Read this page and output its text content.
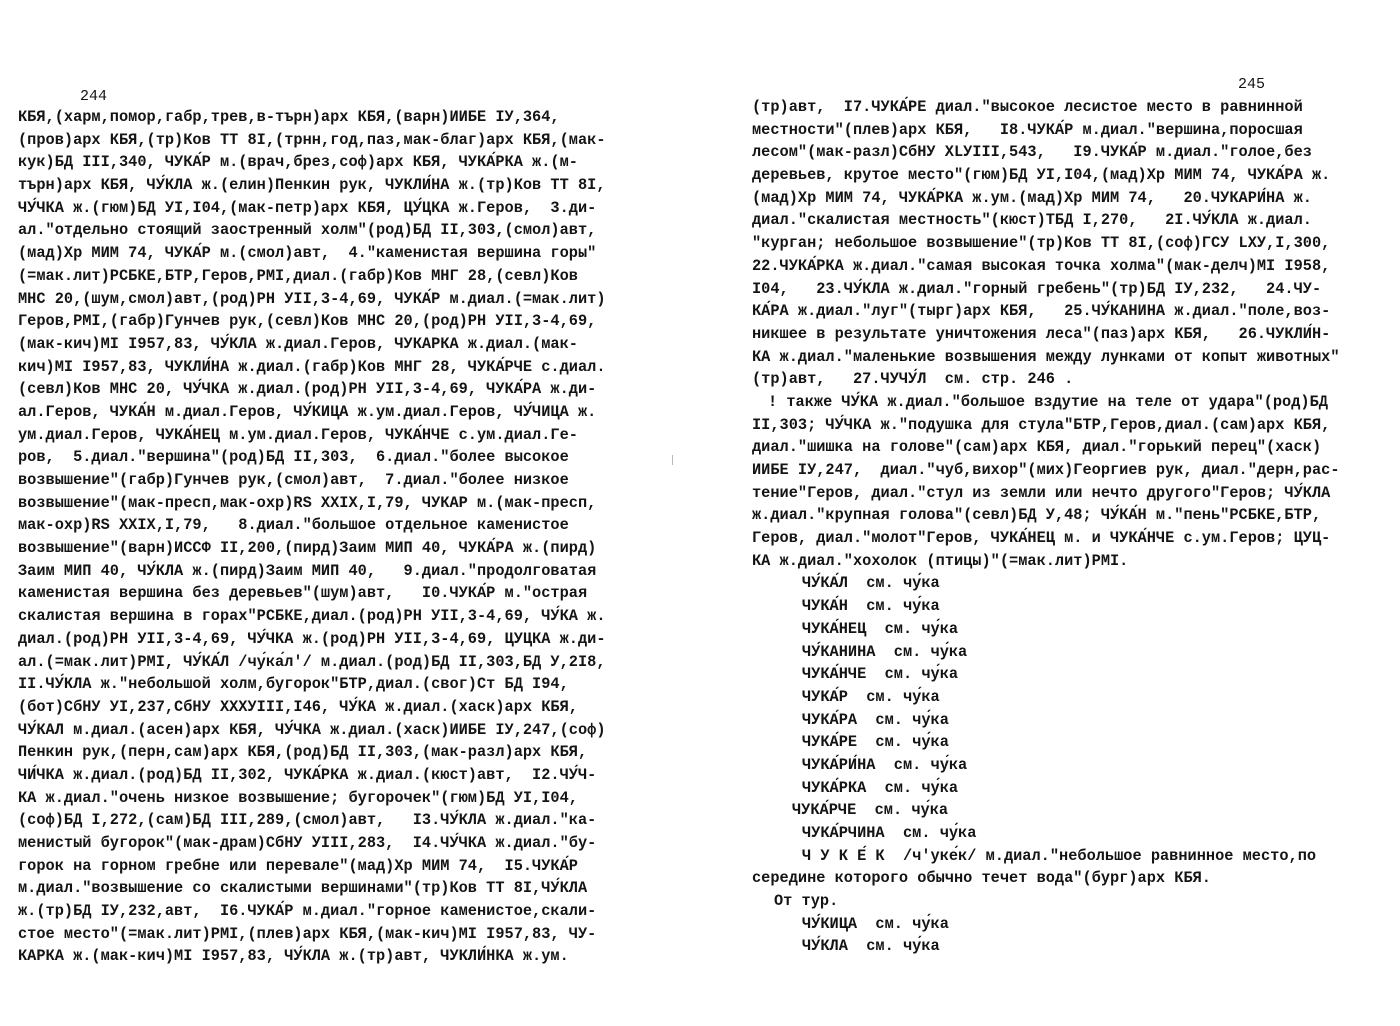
244
245
КБЯ,(харм,помор,габр,трев,в-търн)арх КБЯ,(варн)ИИБЕ IУ,364,
(пров)арх КБЯ,(тр)Ков ТТ 8I,(трнн,год,паз,мак-благ)арх КБЯ,(мак-
кук)БД III,340, ЧУКА́Р м.(врач,брез,соф)арх КБЯ, ЧУКА́РКА ж.(м-
търн)арх КБЯ, ЧУ́КЛА ж.(елин)Пенкин рук, ЧУКЛИ́НА ж.(тр)Ков ТТ 8I,
ЧУ́ЧКА ж.(гюм)БД УI,I04,(мак-петр)арх КБЯ, ЦУ́ЦКА ж.Геров,  3.ди-
ал."отдельно стоящий заостренный холм"(род)БД II,303,(смол)авт,
(мад)Хр МИМ 74, ЧУКА́Р м.(смол)авт,  4."каменистая вершина горы"
(=мак.лит)РСБКЕ,БТР,Геров,РМI,диал.(габр)Ков МНГ 28,(севл)Ков
МНС 20,(шум,смол)авт,(род)РН УII,3-4,69, ЧУКА́Р м.диал.(=мак.лит)
Геров,РМI,(габр)Гунчев рук,(севл)Ков МНС 20,(род)РН УII,3-4,69,
(мак-кич)МI I957,83, ЧУ́КЛА ж.диал.Геров, ЧУКАРКА ж.диал.(мак-
кич)МI I957,83, ЧУКЛИ́НА ж.диал.(габр)Ков МНГ 28, ЧУКА́РЧЕ с.диал.
(севл)Ков МНС 20, ЧУ́ЧКА ж.диал.(род)РН УII,3-4,69, ЧУКА́РА ж.ди-
ал.Геров, ЧУКА́Н м.диал.Геров, ЧУ́КИЦА ж.ум.диал.Геров, ЧУ́ЧИЦА ж.
ум.диал.Геров, ЧУКА́НЕЦ м.ум.диал.Геров, ЧУКА́НЧЕ с.ум.диал.Ге-
ров,  5.диал."вершина"(род)БД II,303,  6.диал."более высокое
возвышение"(габр)Гунчев рук,(смол)авт,  7.диал."более низкое
возвышение"(мак-пресп,мак-охр)RS XXIX,I,79, ЧУКАР м.(мак-пресп,
мак-охр)RS XXIX,I,79,   8.диал."большое отдельное каменистое
возвышение"(варн)ИССФ II,200,(пирд)Заим МИП 40, ЧУКА́РА ж.(пирд)
Заим МИП 40, ЧУ́КЛА ж.(пирд)Заим МИП 40,   9.диал."продолговатая
каменистая вершина без деревьев"(шум)авт,   I0.ЧУКА́Р м."острая
скалистая вершина в горах"РСБКЕ,диал.(род)РН УII,3-4,69, ЧУ́КА ж.
диал.(род)РН УII,3-4,69, ЧУ́ЧКА ж.(род)РН УII,3-4,69, ЦУЦКА ж.ди-
ал.(=мак.лит)РМI, ЧУ́КА́Л /чу́ка́л'/ м.диал.(род)БД II,303,БД У,2I8,
II.ЧУ́КЛА ж."небольшой холм,бугорок"БТР,диал.(свог)Ст БД I94,
(бот)СбНУ УI,237,СбНУ XXXУIII,I46, ЧУ́КА ж.диал.(хаск)арх КБЯ,
ЧУ́КАЛ м.диал.(асен)арх КБЯ, ЧУ́ЧКА ж.диал.(хаск)ИИБЕ IУ,247,(соф)
Пенкин рук,(перн,сам)арх КБЯ,(род)БД II,303,(мак-разл)арх КБЯ,
ЧИ́ЧКА ж.диал.(род)БД II,302, ЧУКА́РКА ж.диал.(кюст)авт,  I2.ЧУ́Ч-
КА ж.диал."очень низкое возвышение; бугорочек"(гюм)БД УI,I04,
(соф)БД I,272,(сам)БД III,289,(смол)авт,   I3.ЧУ́КЛА ж.диал."ка-
менистый бугорок"(мак-драм)СбНУ УIII,283,  I4.ЧУ́ЧКА ж.диал."бу-
горок на горном гребне или перевале"(мад)Хр МИМ 74,  I5.ЧУКА́Р
м.диал."возвышение со скалистыми вершинами"(тр)Ков ТТ 8I,ЧУ́КЛА
ж.(тр)БД IУ,232,авт,  I6.ЧУКА́Р м.диал."горное каменистое,скали-
стое место"(=мак.лит)РМI,(плев)арх КБЯ,(мак-кич)МI I957,83, ЧУ-
КАРКА ж.(мак-кич)МI I957,83, ЧУ́КЛА ж.(тр)авт, ЧУКЛИ́НКА ж.ум.
(тр)авт,  I7.ЧУКА́РЕ диал."высокое лесистое место в равнинной
местности"(плев)арх КБЯ,   I8.ЧУКА́Р м.диал."вершина,поросшая
лесом"(мак-разл)СбНУ XLУIII,543,   I9.ЧУКА́Р м.диал."голое,без
деревьев, крутое место"(гюм)БД УI,I04,(мад)Хр МИМ 74, ЧУКА́РА ж.
(мад)Хр МИМ 74, ЧУКА́РКА ж.ум.(мад)Хр МИМ 74,   20.ЧУКАРИ́НА ж.
диал."скалистая местность"(кюст)ТБД I,270,   2I.ЧУ́КЛА ж.диал.
"курган; небольшое возвышение"(тр)Ков ТТ 8I,(соф)ГСУ LХУ,I,300,
22.ЧУКА́РКА ж.диал."самая высокая точка холма"(мак-делч)МI I958,
I04,   23.ЧУ́КЛА ж.диал."горный гребень"(тр)БД IУ,232,   24.ЧУ-
КА́РА ж.диал."луг"(тырг)арх КБЯ,   25.ЧУ́КАНИНА ж.диал."поле,воз-
никшее в результате уничтожения леса"(паз)арх КБЯ,   26.ЧУКЛИ́Н-
КА ж.диал."маленькие возвышения между лунками от копыт животных"
(тр)авт,   27.ЧУЧУ́Л  см. стр. 246 .
! также ЧУ́КА ж.диал."большое вздутие на теле от удара"(род)БД
II,303; ЧУ́ЧКА ж."подушка для стула"БТР,Геров,диал.(сам)арх КБЯ,
диал."шишка на голове"(сам)арх КБЯ, диал."горький перец"(хаск)
ИИБЕ IУ,247,  диал."чуб,вихор"(мих)Георгиев рук, диал."дерн,рас-
тение"Геров, диал."стул из земли или нечто другого"Геров; ЧУ́КЛА
ж.диал."крупная голова"(севл)БД У,48; ЧУ́КА́Н м."пень"РСБКЕ,БТР,
Геров, диал."молот"Геров, ЧУКА́НЕЦ м. и ЧУКА́НЧЕ с.ум.Геров; ЦУЦ-
КА ж.диал."хохолок (птицы)"(=мак.лит)РМI.
ЧУ́КА́Л  см. чу́ка
ЧУКА́Н  см. чу́ка
ЧУКА́НЕЦ  см. чу́ка
ЧУ́КАНИНА  см. чу́ка
ЧУКА́НЧЕ  см. чу́ка
ЧУКА́Р  см. чу́ка
ЧУКА́РА  см. чу́ка
ЧУКА́РЕ  см. чу́ка
ЧУКА́РИ́НА  см. чу́ка
ЧУКА́РКА  см. чу́ка
ЧУКА́РЧЕ  см. чу́ка
ЧУКА́РЧИНА  см. чу́ка
Ч У К Е́ К  /ч'уке́к/ м.диал."небольшое равнинное место,по
середине которого обычно течет вода"(бург)арх КБЯ.
От тур.
ЧУ́КИЦА  см. чу́ка
ЧУ́КЛА  см. чу́ка
